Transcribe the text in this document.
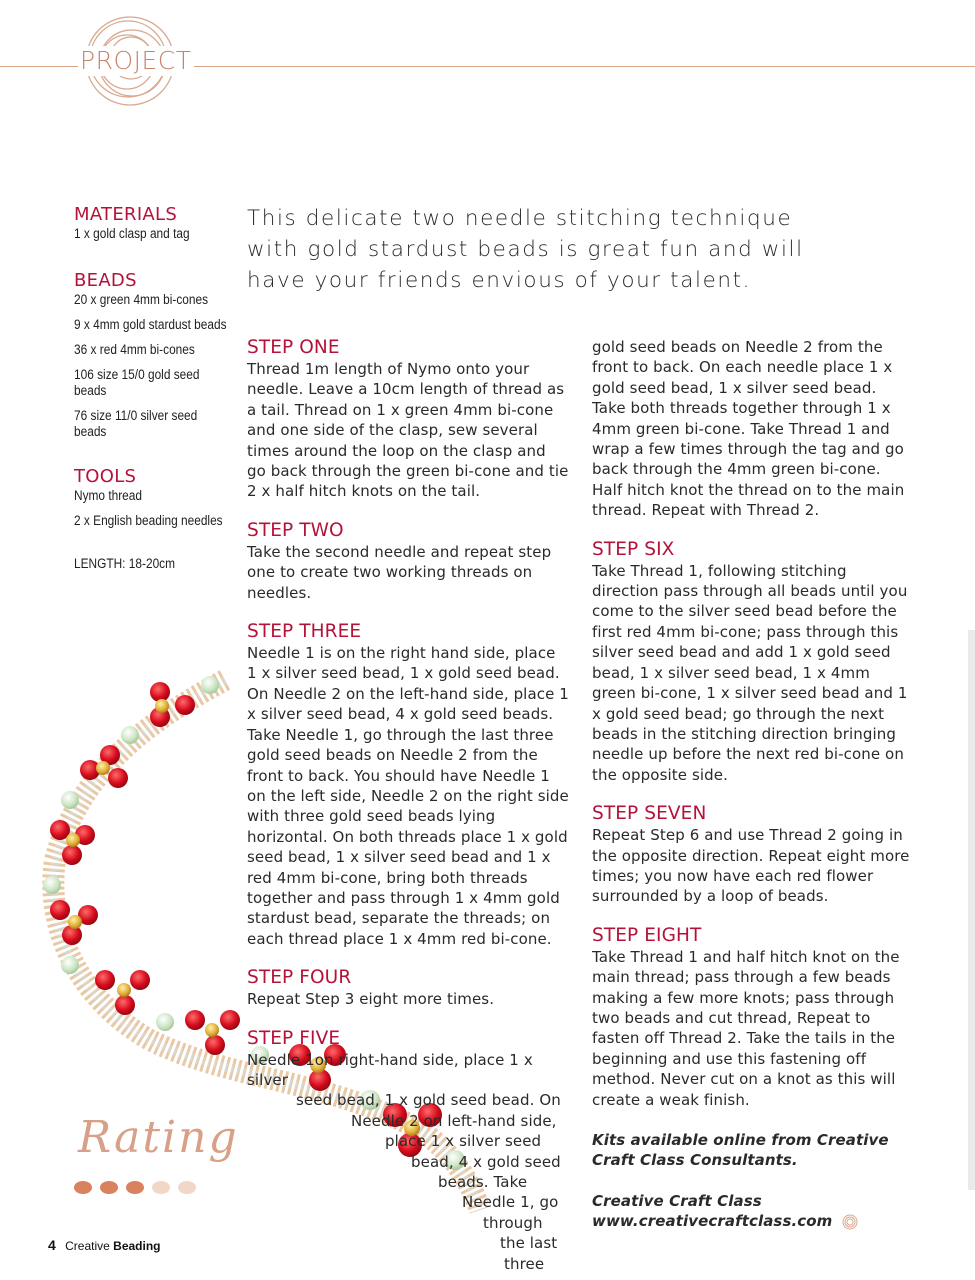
PROJECT
MATERIALS
1 x gold clasp and tag
BEADS
20 x green 4mm bi-cones
9 x 4mm gold stardust beads
36 x red 4mm bi-cones
106 size 15/0 gold seed beads
76 size 11/0 silver seed beads
TOOLS
Nymo thread
2 x English beading needles
LENGTH: 18-20cm
This delicate two needle stitching technique with gold stardust beads is great fun and will have your friends envious of your talent.
STEP ONE

Thread 1m length of Nymo onto your needle. Leave a 10cm length of thread as a tail. Thread on 1 x green 4mm bi-cone and one side of the clasp, sew several times around the loop on the clasp and go back through the green bi-cone and tie 2 x half hitch knots on the tail.

STEP TWO

Take the second needle and repeat step one to create two working threads on needles.

STEP THREE

Needle 1 is on the right hand side, place 1 x silver seed bead, 1 x gold seed bead. On Needle 2 on the left-hand side, place 1 x silver seed bead, 4 x gold seed beads. Take Needle 1, go through the last three gold seed beads on Needle 2 from the front to back. You should have Needle 1 on the left side, Needle 2 on the right side with three gold seed beads lying horizontal. On both threads place 1 x gold seed bead, 1 x silver seed bead and 1 x red 4mm bi-cone, bring both threads together and pass through 1 x 4mm gold stardust bead, separate the threads; on each thread place 1 x 4mm red bi-cone.

STEP FOUR

Repeat Step 3 eight more times.

STEP FIVE
Needle 1on right-hand side, place 1 x silver
seed bead, 1 x gold seed bead. On
Needle 2 on left-hand side,
place 1 x silver seed
bead, 4 x gold seed
beads. Take
Needle 1, go
through
the last
three

gold seed beads on Needle 2 from the front to back. On each needle place 1 x gold seed bead, 1 x silver seed bead. Take both threads together through 1 x 4mm green bi-cone. Take Thread 1 and wrap a few times through the tag and go back through the 4mm green bi-cone. Half hitch knot the thread on to the main thread. Repeat with Thread 2.

STEP SIX

Take Thread 1, following stitching direction pass through all beads until you come to the silver seed bead before the first red 4mm bi-cone; pass through this silver seed bead and add 1 x gold seed bead, 1 x silver seed bead, 1 x 4mm green bi-cone, 1 x silver seed bead and 1 x gold seed bead; go through the next beads in the stitching direction bringing needle up before the next red bi-cone on the opposite side.

STEP SEVEN

Repeat Step 6 and use Thread 2 going in the opposite direction. Repeat eight more times; you now have each red flower surrounded by a loop of beads.

STEP EIGHT

Take Thread 1 and half hitch knot on the main thread; pass through a few beads making a few more knots; pass through two beads and cut thread, Repeat to fasten off Thread 2. Take the tails in the beginning and use this fastening off method. Never cut on a knot as this will create a weak finish.

Kits available online from Creative Craft Class Consultants.

Creative Craft Class

www.creativecraftclass.com

Rating
4 Creative Beading
